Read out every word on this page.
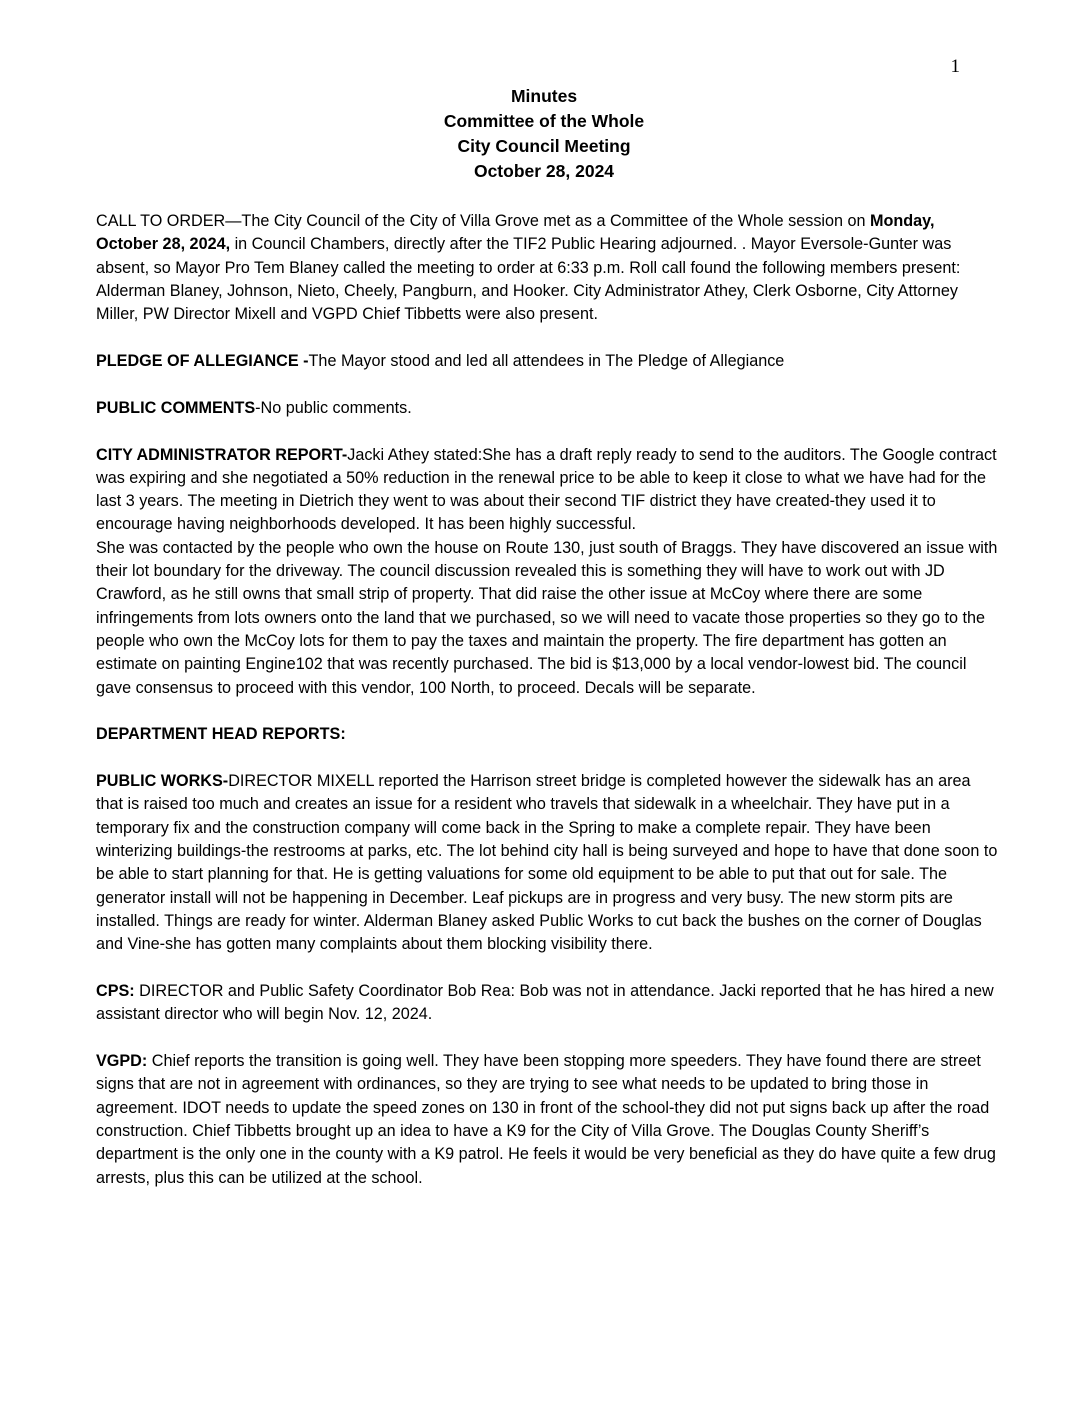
1
Minutes
Committee of the Whole
City Council Meeting
October 28, 2024

CALL TO ORDER—The City Council of the City of Villa Grove met as a Committee of the Whole session on Monday, October 28, 2024, in Council Chambers, directly after the TIF2 Public Hearing adjourned. . Mayor Eversole-Gunter was absent, so Mayor Pro Tem Blaney called the meeting to order at 6:33 p.m. Roll call found the following members present: Alderman Blaney, Johnson, Nieto, Cheely, Pangburn, and Hooker. City Administrator Athey, Clerk Osborne, City Attorney Miller, PW Director Mixell and VGPD Chief Tibbetts were also present.

PLEDGE OF ALLEGIANCE -The Mayor stood and led all attendees in The Pledge of Allegiance

PUBLIC COMMENTS-No public comments.

CITY ADMINISTRATOR REPORT-Jacki Athey stated:She has a draft reply ready to send to the auditors. The Google contract was expiring and she negotiated a 50% reduction in the renewal price to be able to keep it close to what we have had for the last 3 years. The meeting in Dietrich they went to was about their second TIF district they have created-they used it to encourage having neighborhoods developed. It has been highly successful.

She was contacted by the people who own the house on Route 130, just south of Braggs. They have discovered an issue with their lot boundary for the driveway. The council discussion revealed this is something they will have to work out with JD Crawford, as he still owns that small strip of property. That did raise the other issue at McCoy where there are some infringements from lots owners onto the land that we purchased, so we will need to vacate those properties so they go to the people who own the McCoy lots for them to pay the taxes and maintain the property. The fire department has gotten an estimate on painting Engine102 that was recently purchased. The bid is $13,000 by a local vendor-lowest bid. The council gave consensus to proceed with this vendor, 100 North, to proceed. Decals will be separate.

DEPARTMENT HEAD REPORTS:

PUBLIC WORKS-DIRECTOR MIXELL reported the Harrison street bridge is completed however the sidewalk has an area that is raised too much and creates an issue for a resident who travels that sidewalk in a wheelchair. They have put in a temporary fix and the construction company will come back in the Spring to make a complete repair. They have been winterizing buildings-the restrooms at parks, etc. The lot behind city hall is being surveyed and hope to have that done soon to be able to start planning for that. He is getting valuations for some old equipment to be able to put that out for sale. The generator install will not be happening in December. Leaf pickups are in progress and very busy. The new storm pits are installed. Things are ready for winter. Alderman Blaney asked Public Works to cut back the bushes on the corner of Douglas and Vine-she has gotten many complaints about them blocking visibility there.

CPS: DIRECTOR and Public Safety Coordinator Bob Rea: Bob was not in attendance. Jacki reported that he has hired a new assistant director who will begin Nov. 12, 2024.

VGPD: Chief reports the transition is going well. They have been stopping more speeders. They have found there are street signs that are not in agreement with ordinances, so they are trying to see what needs to be updated to bring those in agreement. IDOT needs to update the speed zones on 130 in front of the school-they did not put signs back up after the road construction. Chief Tibbetts brought up an idea to have a K9 for the City of Villa Grove. The Douglas County Sheriff’s department is the only one in the county with a K9 patrol. He feels it would be very beneficial as they do have quite a few drug arrests, plus this can be utilized at the school.
